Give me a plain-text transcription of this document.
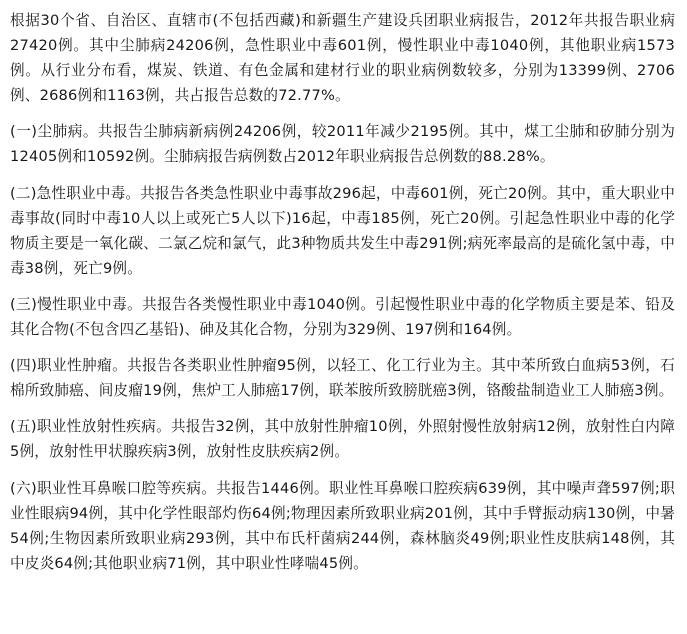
根据30个省、自治区、直辖市(不包括西藏)和新疆生产建设兵团职业病报告，2012年共报告职业病27420例。其中尘肺病24206例，急性职业中毒601例，慢性职业中毒1040例，其他职业病1573例。从行业分布看，煤炭、铁道、有色金属和建材行业的职业病例数较多，分别为13399例、2706例、2686例和1163例，共占报告总数的72.77%。

(一)尘肺病。共报告尘肺病新病例24206例，较2011年减少2195例。其中，煤工尘肺和矽肺分别为12405例和10592例。尘肺病报告病例数占2012年职业病报告总例数的88.28%。

(二)急性职业中毒。共报告各类急性职业中毒事故296起，中毒601例，死亡20例。其中，重大职业中毒事故(同时中毒10人以上或死亡5人以下)16起，中毒185例，死亡20例。引起急性职业中毒的化学物质主要是一氧化碳、二氯乙烷和氯气，此3种物质共发生中毒291例;病死率最高的是硫化氢中毒，中毒38例，死亡9例。

(三)慢性职业中毒。共报告各类慢性职业中毒1040例。引起慢性职业中毒的化学物质主要是苯、铅及其化合物(不包含四乙基铅)、砷及其化合物，分别为329例、197例和164例。

(四)职业性肿瘤。共报告各类职业性肿瘤95例，以轻工、化工行业为主。其中苯所致白血病53例，石棉所致肺癌、间皮瘤19例，焦炉工人肺癌17例，联苯胺所致膀胱癌3例，铬酸盐制造业工人肺癌3例。

(五)职业性放射性疾病。共报告32例，其中放射性肿瘤10例，外照射慢性放射病12例，放射性白内障5例，放射性甲状腺疾病3例，放射性皮肤疾病2例。

(六)职业性耳鼻喉口腔等疾病。共报告1446例。职业性耳鼻喉口腔疾病639例，其中噪声聋597例;职业性眼病94例，其中化学性眼部灼伤64例;物理因素所致职业病201例，其中手臂振动病130例，中暑54例;生物因素所致职业病293例，其中布氏杆菌病244例，森林脑炎49例;职业性皮肤病148例，其中皮炎64例;其他职业病71例，其中职业性哮喘45例。
